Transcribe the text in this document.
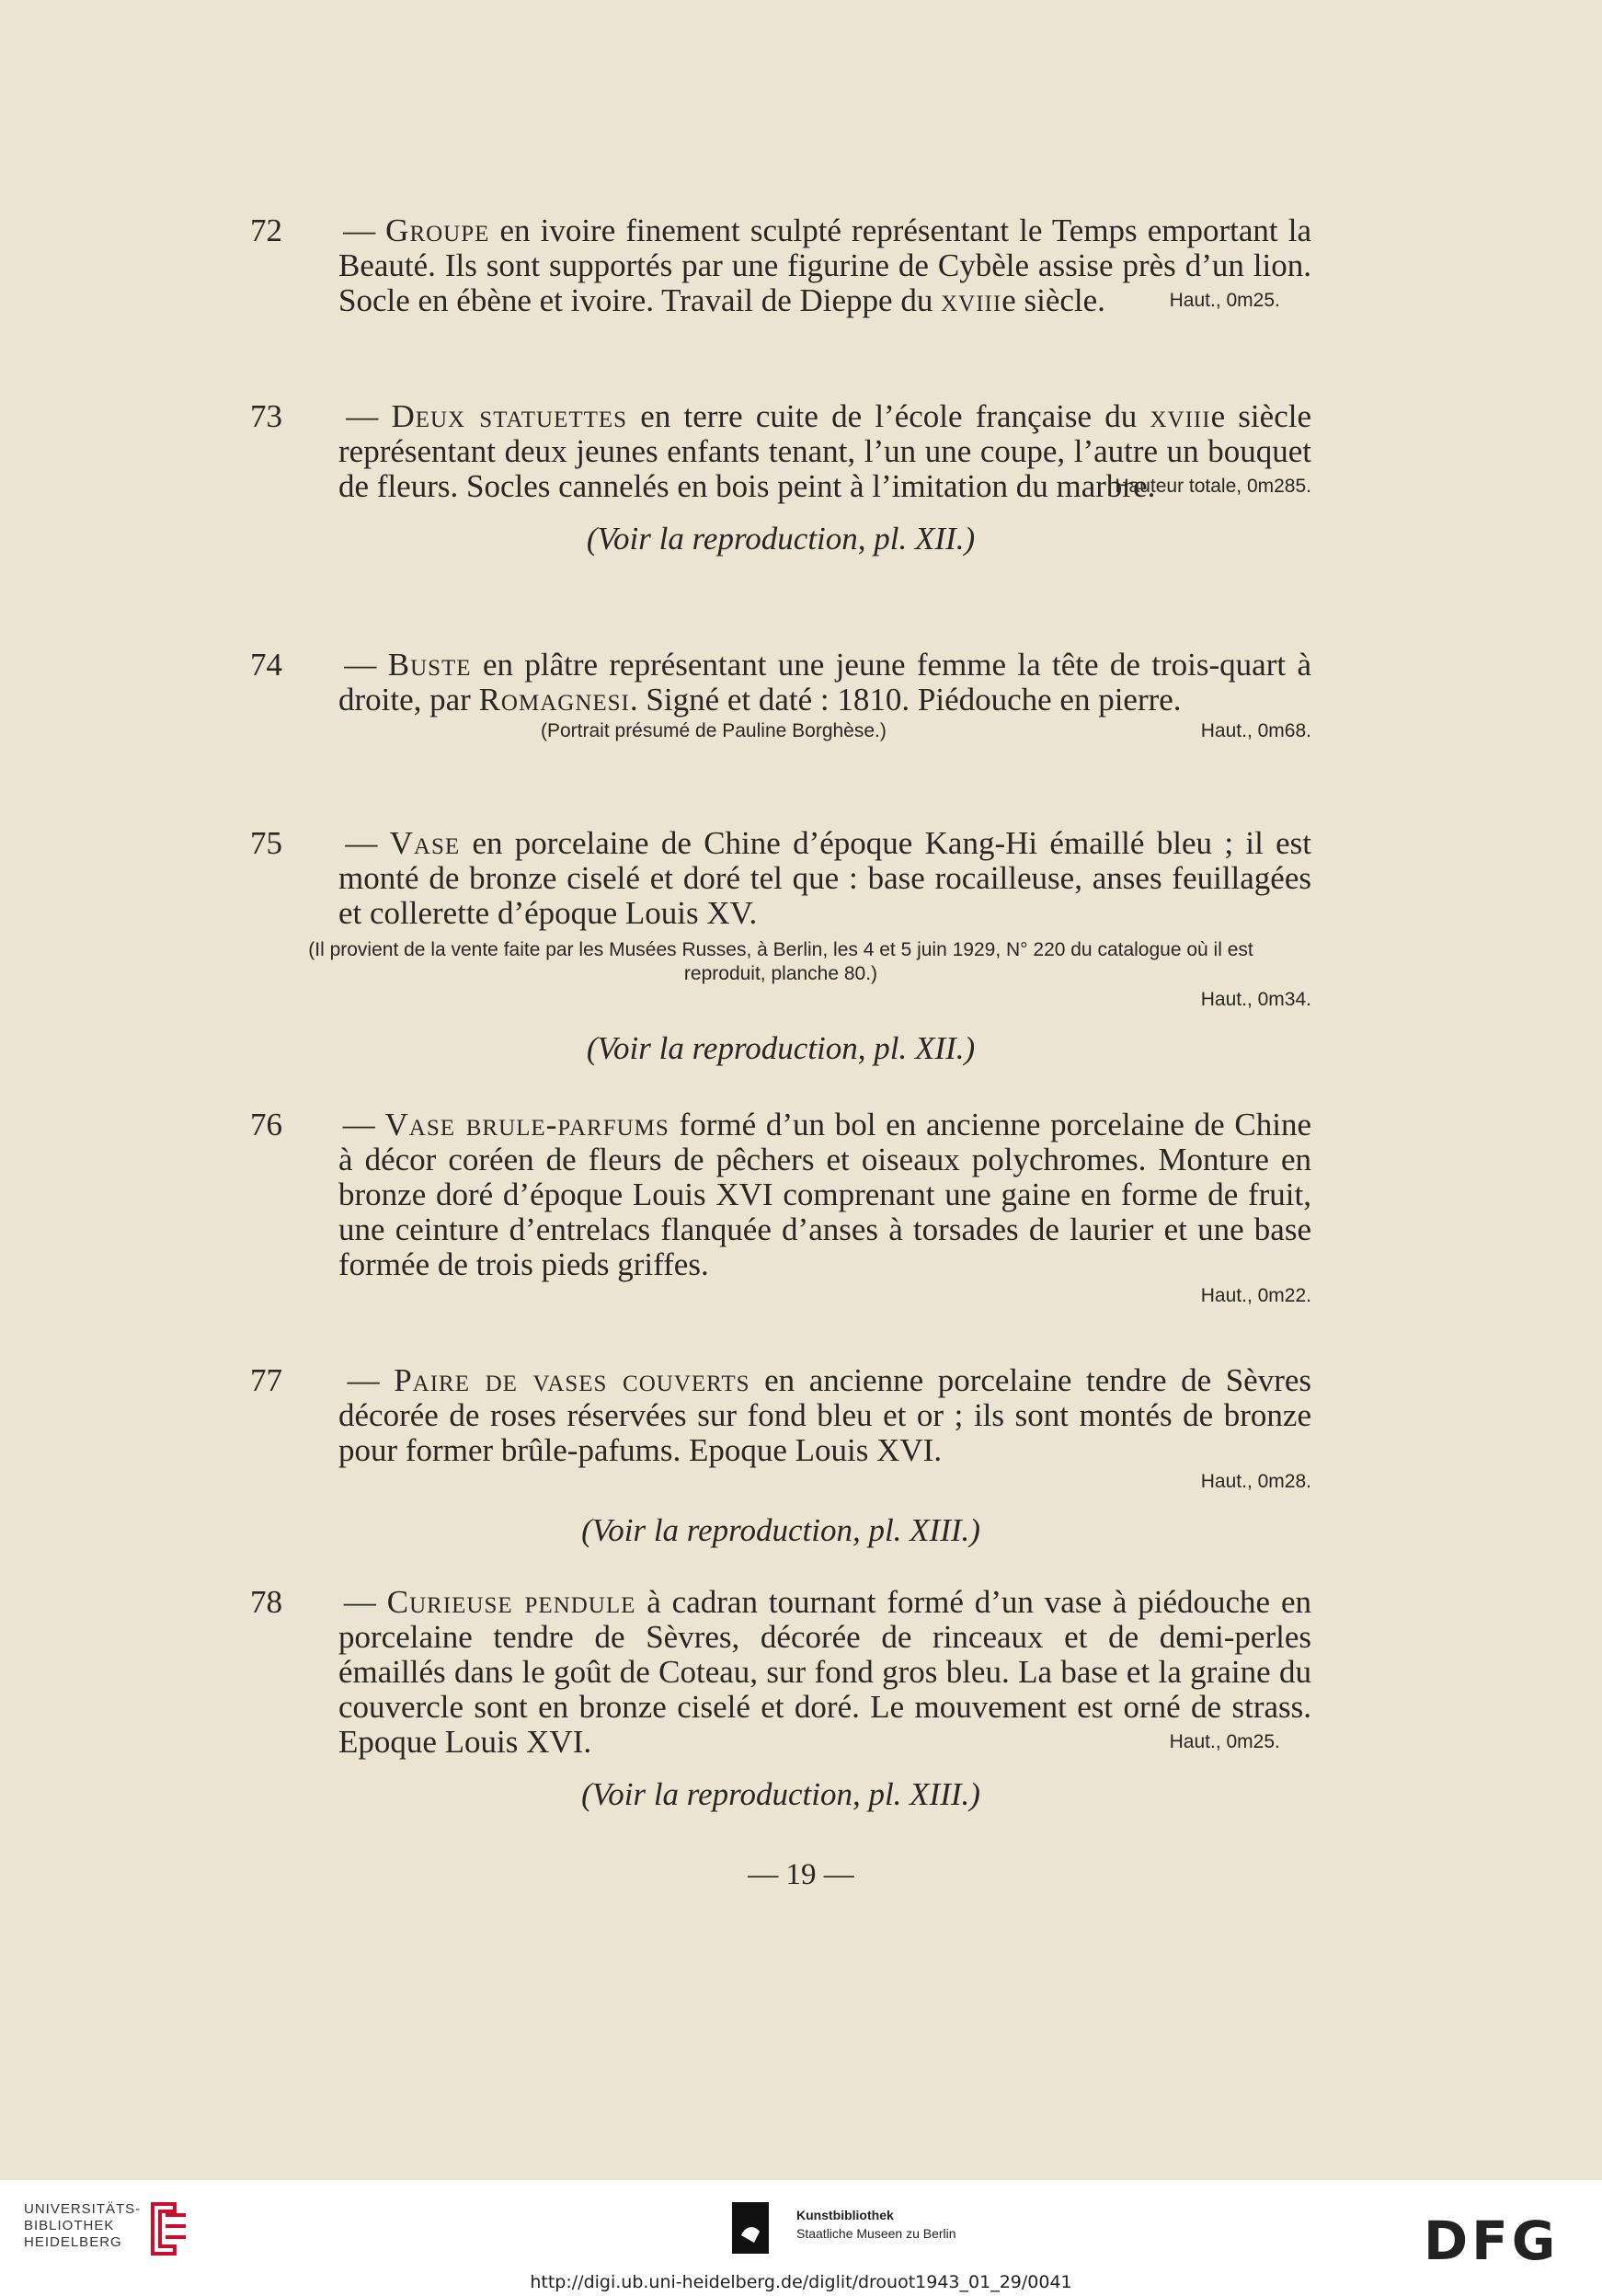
72 — Groupe en ivoire finement sculpté représentant le Temps emportant la Beauté. Ils sont supportés par une figurine de Cybèle assise près d’un lion. Socle en ébène et ivoire. Travail de Dieppe du xviiie siècle.	Haut., 0m25.

73 — Deux statuettes en terre cuite de l’école française du xviiie siècle représentant deux jeunes enfants tenant, l’un une coupe, l’autre un bouquet de fleurs. Socles cannelés en bois peint à l’imitation du marbre.
Hauteur totale, 0m285.

(Voir la reproduction, pl. XII.)

74 — Buste en plâtre représentant une jeune femme la tête de trois-quart à droite, par Romagnesi. Signé et daté : 1810. Piédouche en pierre.

(Portrait présumé de Pauline Borghèse.)	Haut., 0m68.

75 — Vase en porcelaine de Chine d’époque Kang-Hi émaillé bleu ; il est monté de bronze ciselé et doré tel que : base rocailleuse, anses feuillagées et collerette d’époque Louis XV.

(Il provient de la vente faite par les Musées Russes, à Berlin, les 4 et 5 juin 1929, N° 220 du catalogue où il est reproduit, planche 80.)

Haut., 0m34.

(Voir la reproduction, pl. XII.)

76 — Vase brule-parfums formé d’un bol en ancienne porcelaine de Chine à décor coréen de fleurs de pêchers et oiseaux polychromes. Monture en bronze doré d’époque Louis XVI comprenant une gaine en forme de fruit, une ceinture d’entrelacs flanquée d’anses à torsades de laurier et une base formée de trois pieds griffes.

Haut., 0m22.

77 — Paire de vases couverts en ancienne porcelaine tendre de Sèvres décorée de roses réservées sur fond bleu et or ; ils sont montés de bronze pour former brûle-pafums. Epoque Louis XVI.

Haut., 0m28.

(Voir la reproduction, pl. XIII.)

78 — Curieuse pendule à cadran tournant formé d’un vase à piédouche en porcelaine tendre de Sèvres, décorée de rinceaux et de demi-perles émaillés dans le goût de Coteau, sur fond gros bleu. La base et la graine du couvercle sont en bronze ciselé et doré. Le mouvement est orné de strass. Epoque Louis XVI.	Haut., 0m25.

(Voir la reproduction, pl. XIII.)

— 19 —
UNIVERSITÄTS-
BIBLIOTHEK
HEIDELBERG
Kunstbibliothek
Staatliche Museen zu Berlin	DFG
http://digi.ub.uni-heidelberg.de/diglit/drouot1943_01_29/0041
